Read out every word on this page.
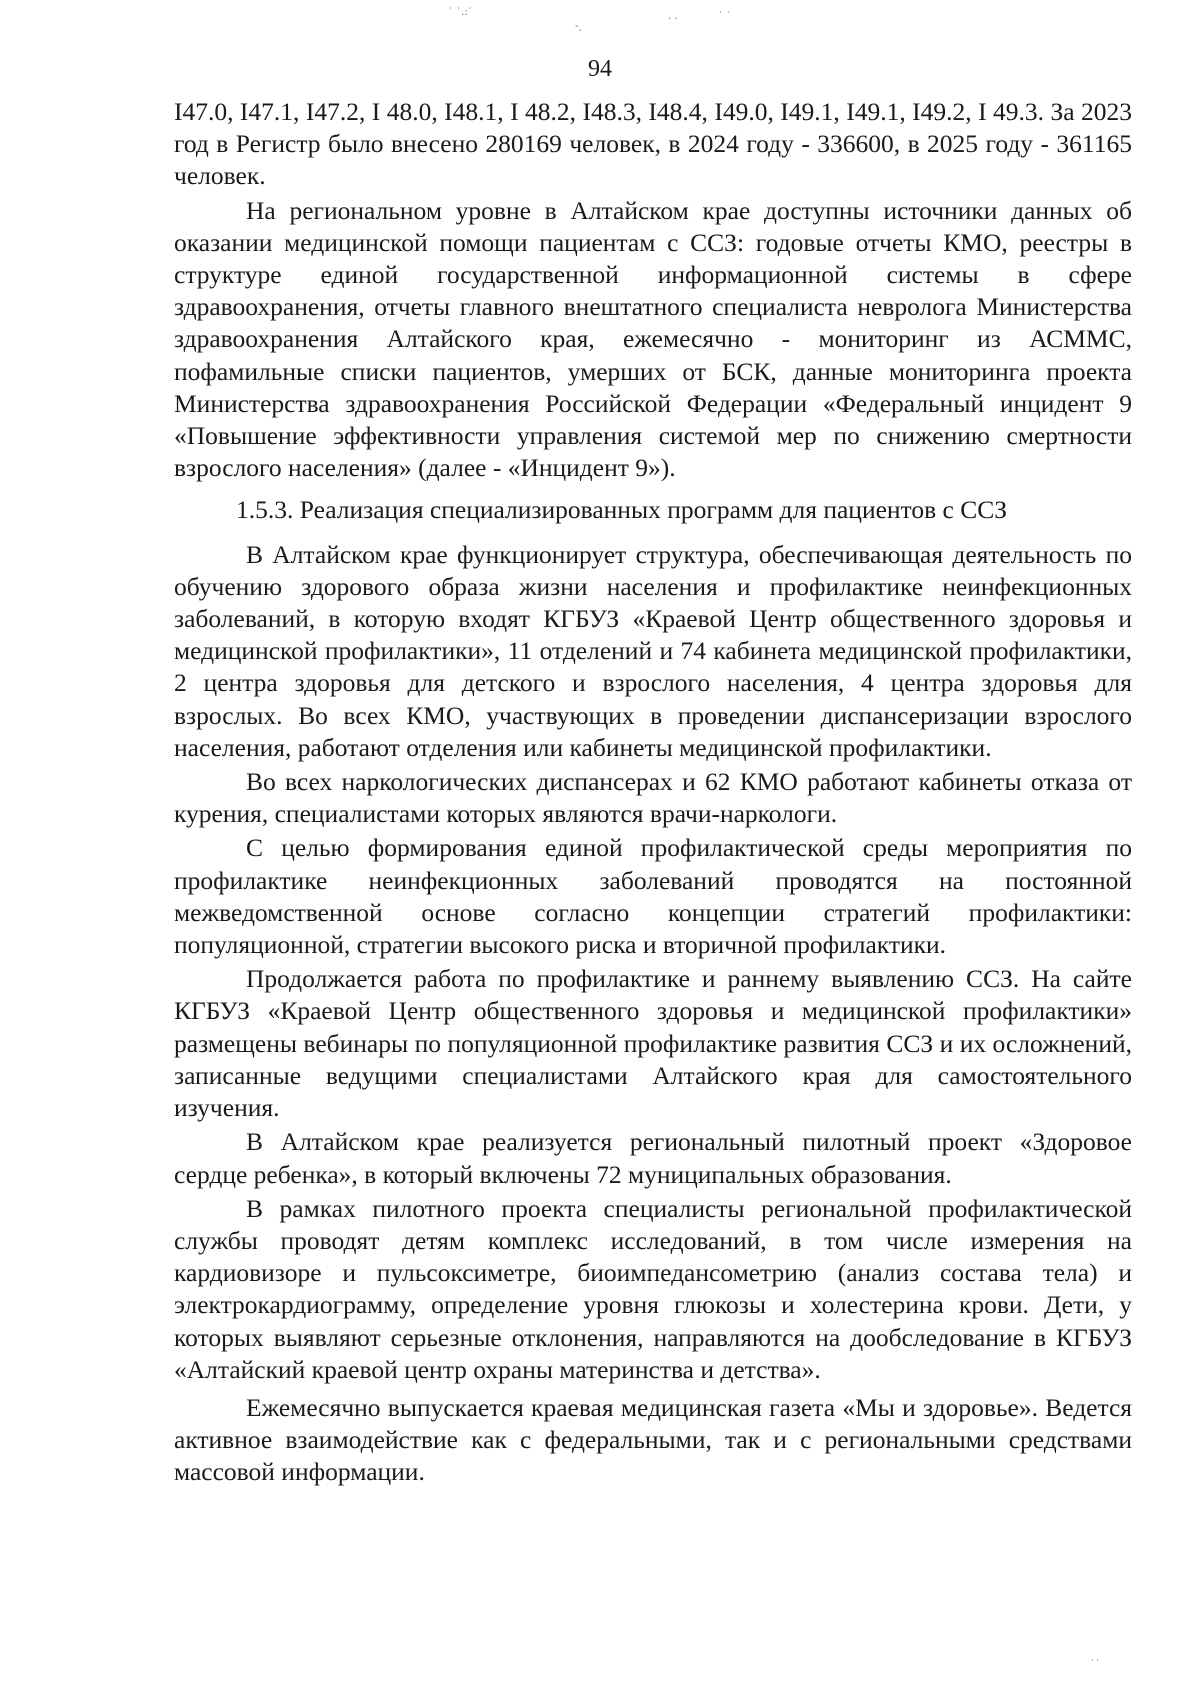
˙ ˙.:˙
-˯
. .	˙ ˙
˙˙
94

I47.0, I47.1, I47.2, I 48.0, I48.1, I 48.2, I48.3, I48.4, I49.0, I49.1, I49.1, I49.2, I 49.3. За 2023 год в Регистр было внесено 280169 человек, в 2024 году - 336600, в 2025 году - 361165 человек.

На региональном уровне в Алтайском крае доступны источники данных об оказании медицинской помощи пациентам с ССЗ: годовые отчеты КМО, реестры в структуре единой государственной информационной системы в сфере здравоохранения, отчеты главного внештатного специалиста невролога Министерства здравоохранения Алтайского края, ежемесячно - мониторинг из АСММС, пофамильные списки пациентов, умерших от БСК, данные мониторинга проекта Министерства здравоохранения Российской Федерации «Федеральный инцидент 9 «Повышение эффективности управления системой мер по снижению смертности взрослого населения» (далее - «Инцидент 9»).

1.5.3. Реализация специализированных программ для пациентов с ССЗ

В Алтайском крае функционирует структура, обеспечивающая деятельность по обучению здорового образа жизни населения и профилактике неинфекционных заболеваний, в которую входят КГБУЗ «Краевой Центр общественного здоровья и медицинской профилактики», 11 отделений и 74 кабинета медицинской профилактики, 2 центра здоровья для детского и взрослого населения, 4 центра здоровья для взрослых. Во всех КМО, участвующих в проведении диспансеризации взрослого населения, работают отделения или кабинеты медицинской профилактики.

Во всех наркологических диспансерах и 62 КМО работают кабинеты отказа от курения, специалистами которых являются врачи-наркологи.

С целью формирования единой профилактической среды мероприятия по профилактике неинфекционных заболеваний проводятся на постоянной межведомственной основе согласно концепции стратегий профилактики: популяционной, стратегии высокого риска и вторичной профилактики.

Продолжается работа по профилактике и раннему выявлению ССЗ. На сайте КГБУЗ «Краевой Центр общественного здоровья и медицинской профилактики» размещены вебинары по популяционной профилактике развития ССЗ и их осложнений, записанные ведущими специалистами Алтайского края для самостоятельного изучения.

В Алтайском крае реализуется региональный пилотный проект «Здоровое сердце ребенка», в который включены 72 муниципальных образования.

В рамках пилотного проекта специалисты региональной профилактической службы проводят детям комплекс исследований, в том числе измерения на кардиовизоре и пульсоксиметре, биоимпедансометрию (анализ состава тела) и электрокардиограмму, определение уровня глюкозы и холестерина крови. Дети, у которых выявляют серьезные отклонения, направляются на дообследование в КГБУЗ «Алтайский краевой центр охраны материнства и детства».

Ежемесячно выпускается краевая медицинская газета «Мы и здоровье». Ведется активное взаимодействие как с федеральными, так и с региональными средствами массовой информации.
